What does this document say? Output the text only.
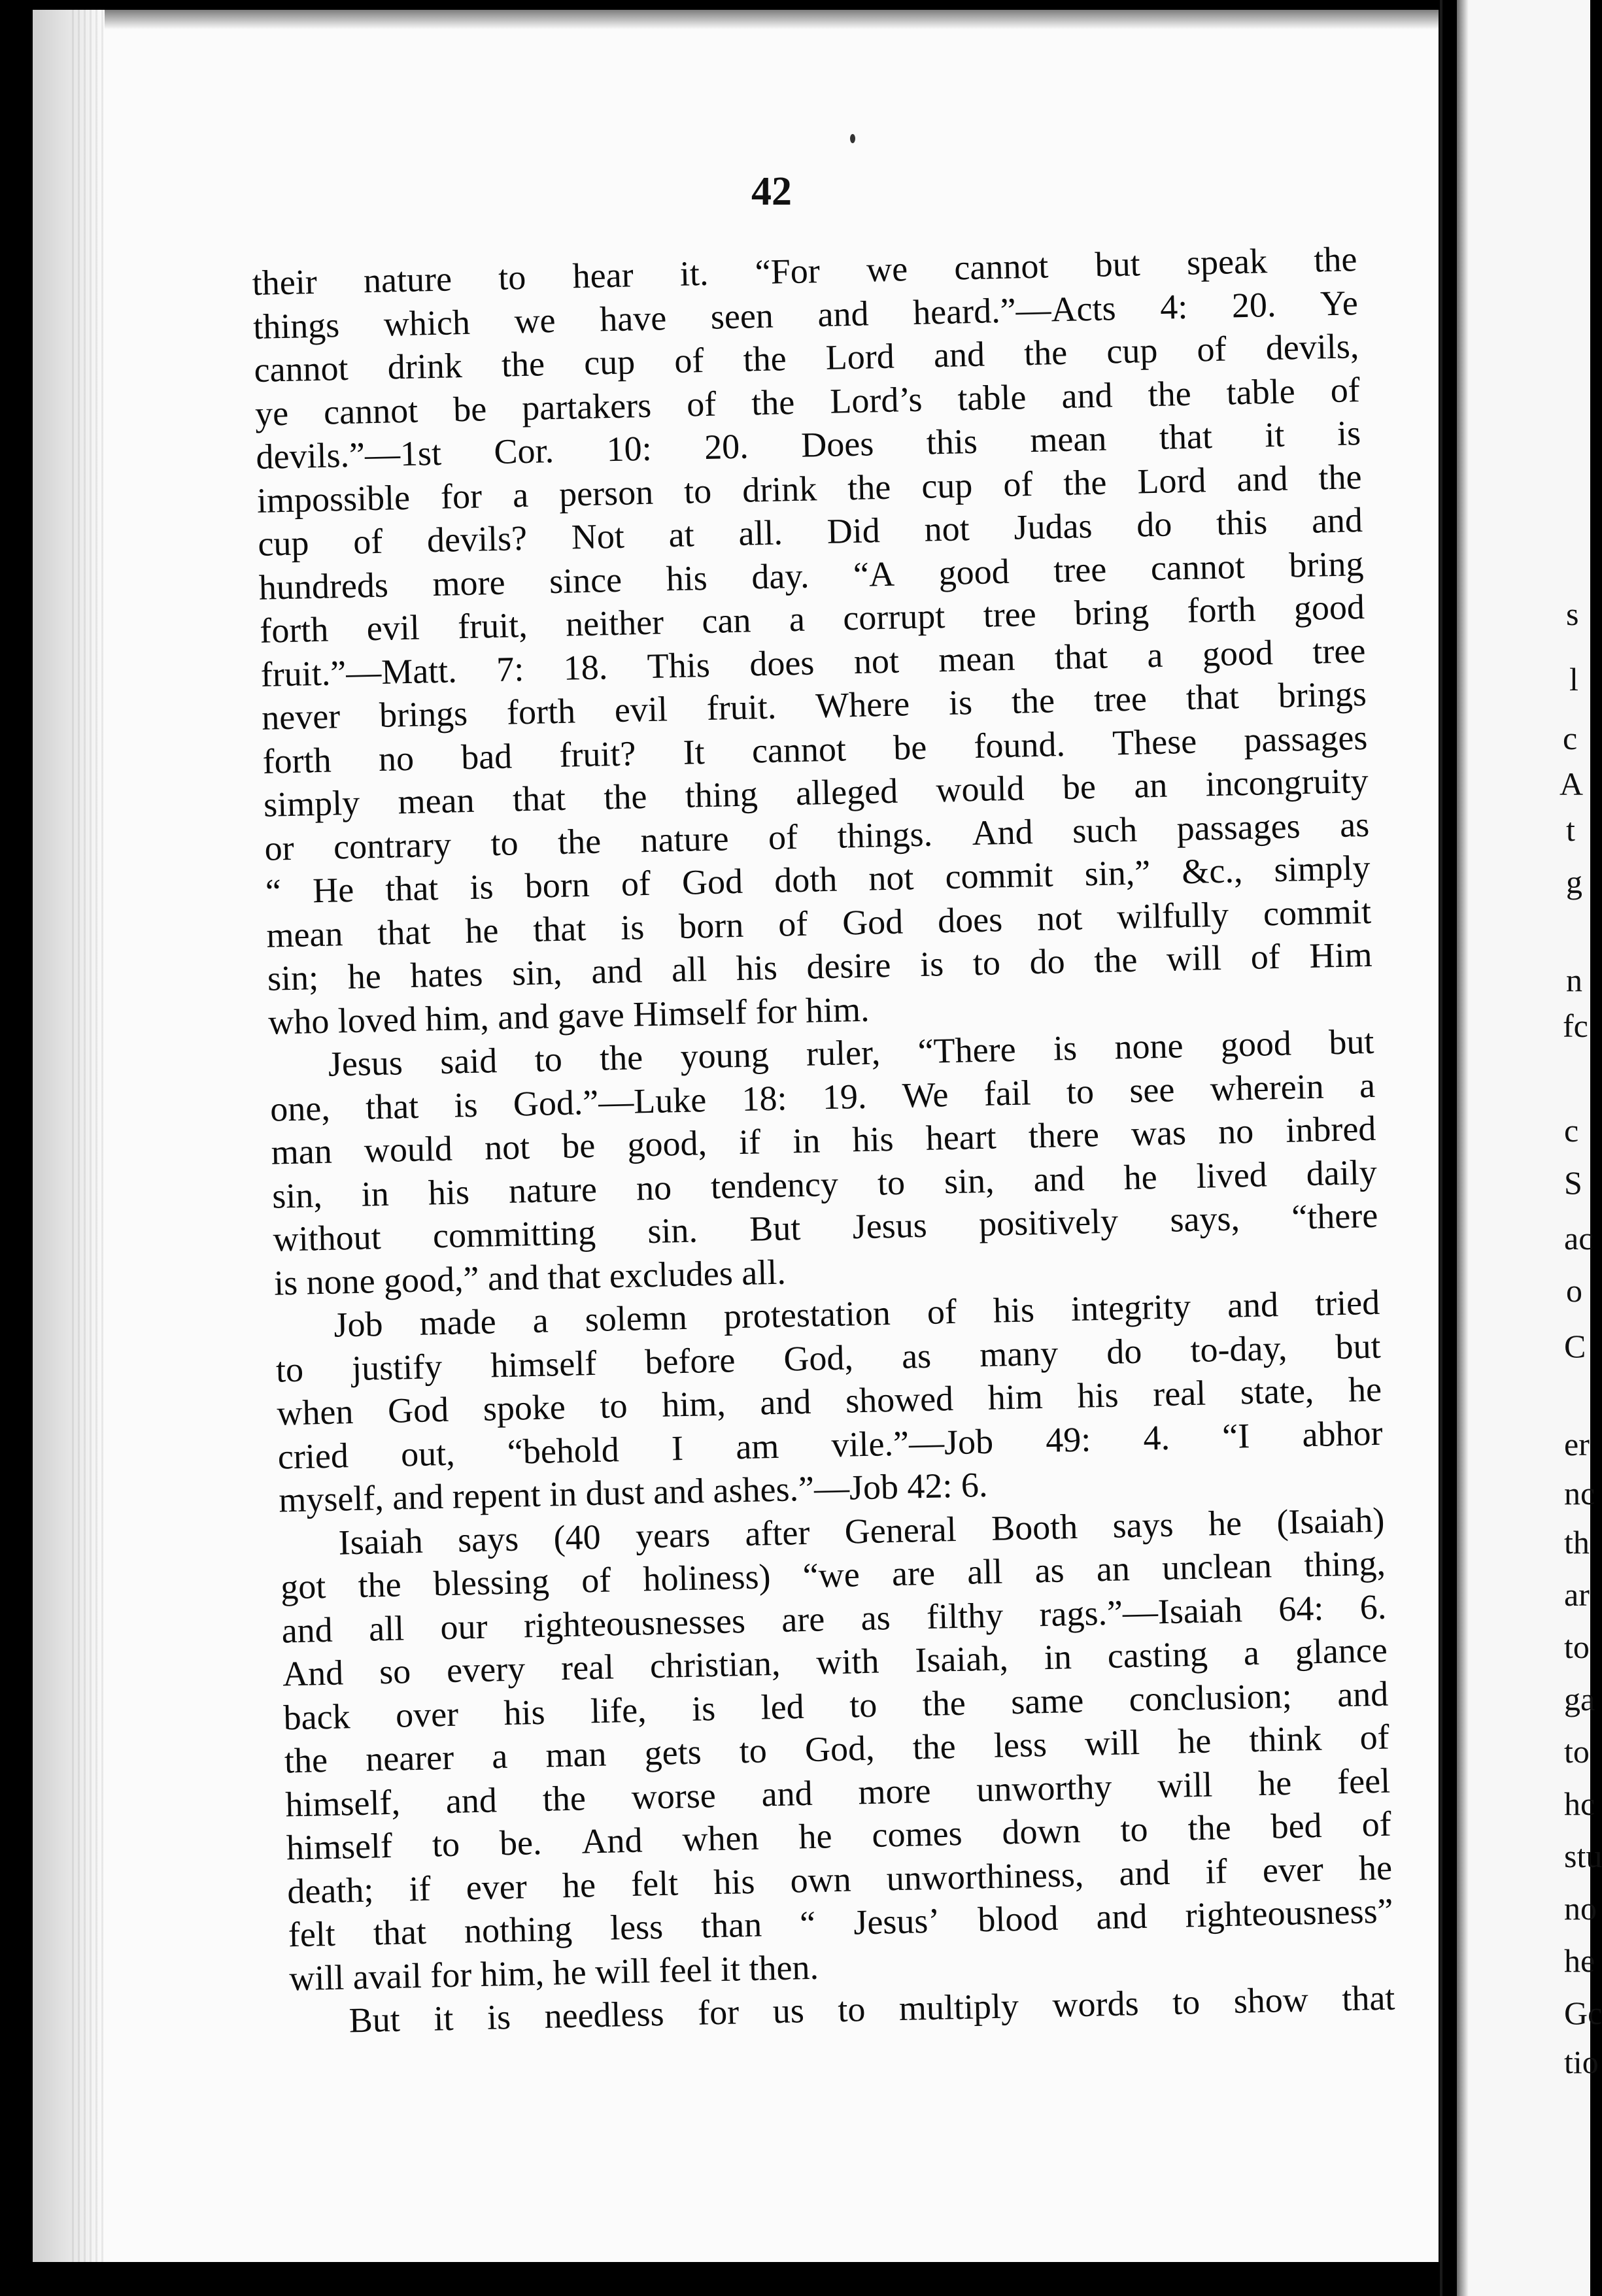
42
their nature to hear it. “For we cannot but speak the
things which we have seen and heard.”—Acts 4: 20. Ye
cannot drink the cup of the Lord and the cup of devils,
ye cannot be partakers of the Lord’s table and the table of
devils.”—1st Cor. 10: 20. Does this mean that it is
impossible for a person to drink the cup of the Lord and the
cup of devils? Not at all. Did not Judas do this and
hundreds more since his day. “A good tree cannot bring
forth evil fruit, neither can a corrupt tree bring forth good
fruit.”—Matt. 7: 18. This does not mean that a good tree
never brings forth evil fruit. Where is the tree that brings
forth no bad fruit? It cannot be found. These passages
simply mean that the thing alleged would be an incongruity
or contrary to the nature of things. And such passages as
“ He that is born of God doth not commit sin,” &c., simply
mean that he that is born of God does not wilfully commit
sin; he hates sin, and all his desire is to do the will of Him
who loved him, and gave Himself for him.
Jesus said to the young ruler, “There is none good but
one, that is God.”—Luke 18: 19. We fail to see wherein a
man would not be good, if in his heart there was no inbred
sin, in his nature no tendency to sin, and he lived daily
without committing sin. But Jesus positively says, “there
is none good,” and that excludes all.
Job made a solemn protestation of his integrity and tried
to justify himself before God, as many do to-day, but
when God spoke to him, and showed him his real state, he
cried out, “behold I am vile.”—Job 49: 4. “I abhor
myself, and repent in dust and ashes.”—Job 42: 6.
Isaiah says (40 years after General Booth says he (Isaiah)
got the blessing of holiness) “we are all as an unclean thing,
and all our righteousnesses are as filthy rags.”—Isaiah 64: 6.
And so every real christian, with Isaiah, in casting a glance
back over his life, is led to the same conclusion; and
the nearer a man gets to God, the less will he think of
himself, and the worse and more unworthy will he feel
himself to be. And when he comes down to the bed of
death; if ever he felt his own unworthiness, and if ever he
felt that nothing less than “ Jesus’ blood and righteousness”
will avail for him, he will feel it then.
But it is needless for us to multiply words to show that
s
l
c
A
t
g
n
fc
c
S
ac
o
C
er
nc
th
ar
to
ga
to
hc
stu
no
he
Gc
tio
